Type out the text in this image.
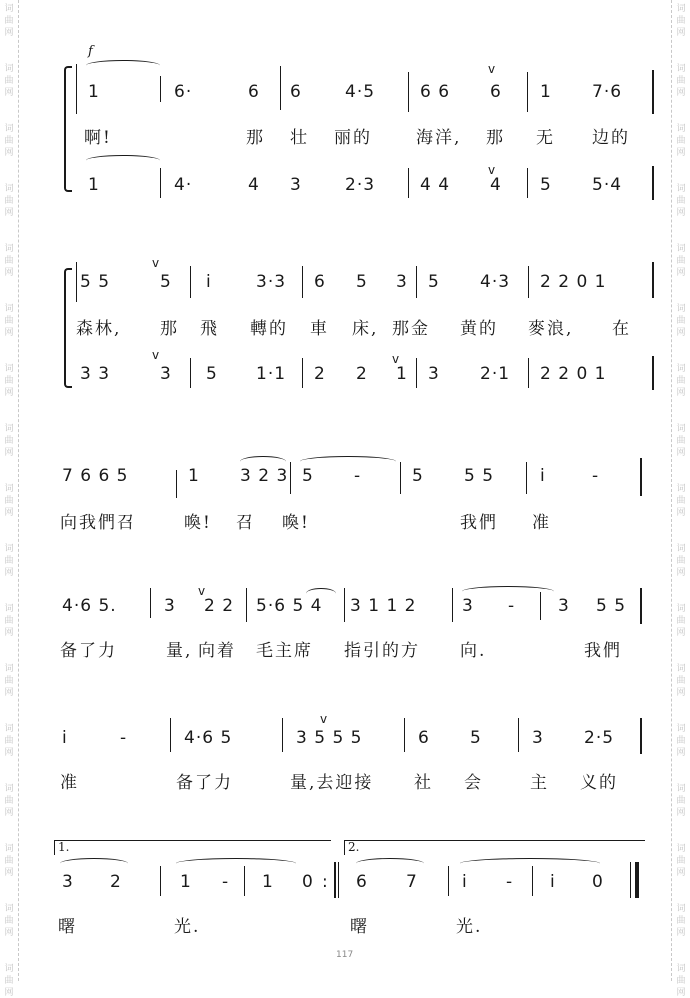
词
曲
网
词
曲
网
词
曲
网
词
曲
网
词
曲
网
词
曲
网
词
曲
网
词
曲
网
词
曲
网
词
曲
网
词
曲
网
词
曲
网
词
曲
网
词
曲
网
词
曲
网
词
曲
网
词
曲
网
词
曲
网
词
曲
网
词
曲
网
词
曲
网
词
曲
网
词
曲
网
词
曲
网
词
曲
网
词
曲
网
词
曲
网
词
曲
网
词
曲
网
词
曲
网
词
曲
网
词
曲
网
词
曲
网
词
曲
网
f
v
v
1	6·	6 6	4·5	6 6 6 1 7·6
啊!	那 壮 丽的	海洋, 那 无 边的
1	4·	4 3	2·3	4 4 4 5 5·4
v
v	v
5 5	5 i	3·3 6 5 3 5 4·3 2 2 0 1
森林, 那 飛 轉的 車 床, 那金 黄的 麥浪, 在
3 3	3 5 1·1 2 2 1 3 2·1 2 2 0 1
7 6 6 5	1 3 2 3 5 -	5 5 5	i	-
向我們召	喚! 召 喚!	我們 准
v
4·6 5.	3 2 2 5·6 5 4 3 1 1 2	3 -	3 5 5
备了力	量, 向着 毛主席 指引的方 向.	我們
v
i	-	4·6 5	3 5 5 5	6 5	3 2·5
准	备了力	量,去迎接 社 会	主 义的
1.	2.
3 2	1 - 1 0 : 6 7	i - i 0
曙	光.	曙	光.
117
